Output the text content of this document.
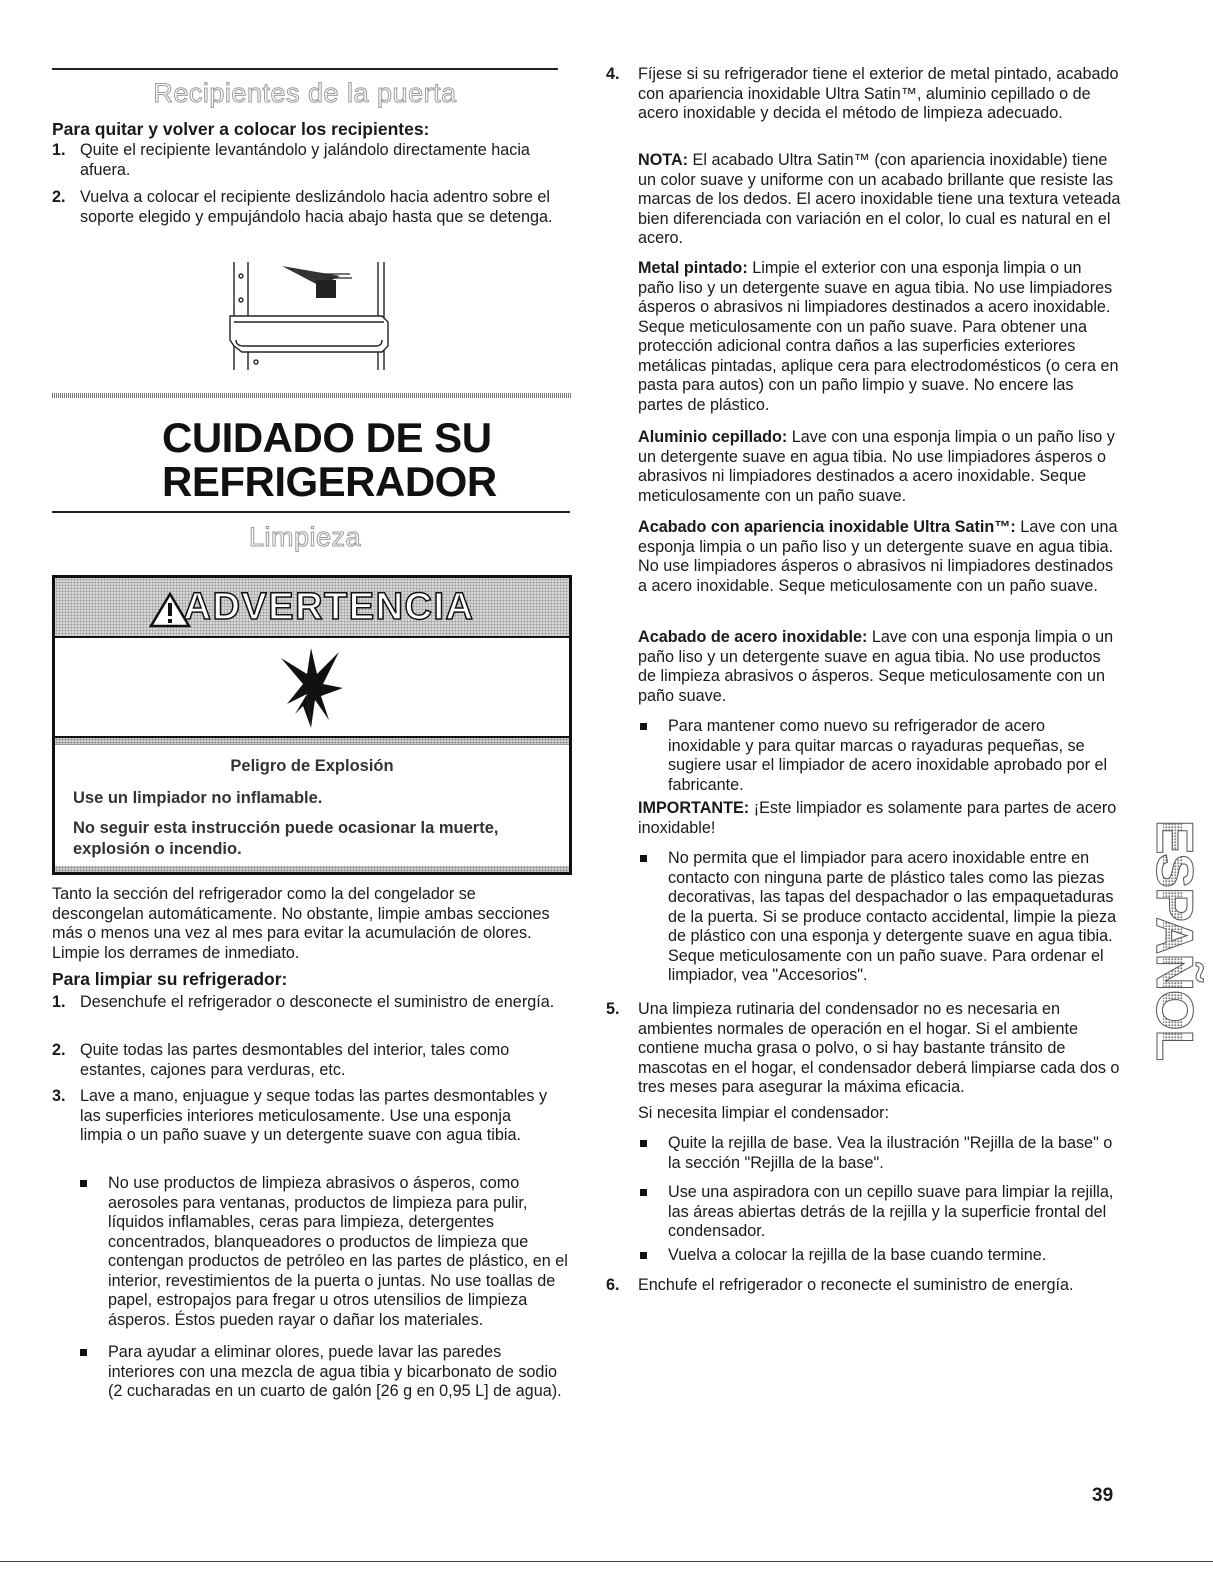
Recipientes de la puerta
Para quitar y volver a colocar los recipientes:
1. Quite el recipiente levantándolo y jalándolo directamente hacia afuera.
2. Vuelva a colocar el recipiente deslizándolo hacia adentro sobre el soporte elegido y empujándolo hacia abajo hasta que se detenga.
CUIDADO DE SU
REFRIGERADOR
Limpieza
ADVERTENCIA
Peligro de Explosión
Use un limpiador no inflamable.
No seguir esta instrucción puede ocasionar la muerte, explosión o incendio.

Tanto la sección del refrigerador como la del congelador se descongelan automáticamente. No obstante, limpie ambas secciones más o menos una vez al mes para evitar la acumulación de olores. Limpie los derrames de inmediato.

Para limpiar su refrigerador:
1. Desenchufe el refrigerador o desconecte el suministro de energía.
2. Quite todas las partes desmontables del interior, tales como estantes, cajones para verduras, etc.
3. Lave a mano, enjuague y seque todas las partes desmontables y las superficies interiores meticulosamente. Use una esponja limpia o un paño suave y un detergente suave con agua tibia.
No use productos de limpieza abrasivos o ásperos, como aerosoles para ventanas, productos de limpieza para pulir, líquidos inflamables, ceras para limpieza, detergentes concentrados, blanqueadores o productos de limpieza que contengan productos de petróleo en las partes de plástico, en el interior, revestimientos de la puerta o juntas. No use toallas de papel, estropajos para fregar u otros utensilios de limpieza ásperos. Éstos pueden rayar o dañar los materiales.
Para ayudar a eliminar olores, puede lavar las paredes interiores con una mezcla de agua tibia y bicarbonato de sodio (2 cucharadas en un cuarto de galón [26 g en 0,95 L] de agua).
4. Fíjese si su refrigerador tiene el exterior de metal pintado, acabado con apariencia inoxidable Ultra Satin™, aluminio cepillado o de acero inoxidable y decida el método de limpieza adecuado.

NOTA: El acabado Ultra Satin™ (con apariencia inoxidable) tiene un color suave y uniforme con un acabado brillante que resiste las marcas de los dedos. El acero inoxidable tiene una textura veteada bien diferenciada con variación en el color, lo cual es natural en el acero.

Metal pintado: Limpie el exterior con una esponja limpia o un paño liso y un detergente suave en agua tibia. No use limpiadores ásperos o abrasivos ni limpiadores destinados a acero inoxidable. Seque meticulosamente con un paño suave. Para obtener una protección adicional contra daños a las superficies exteriores metálicas pintadas, aplique cera para electrodomésticos (o cera en pasta para autos) con un paño limpio y suave. No encere las partes de plástico.

Aluminio cepillado: Lave con una esponja limpia o un paño liso y un detergente suave en agua tibia. No use limpiadores ásperos o abrasivos ni limpiadores destinados a acero inoxidable. Seque meticulosamente con un paño suave.

Acabado con apariencia inoxidable Ultra Satin™: Lave con una esponja limpia o un paño liso y un detergente suave en agua tibia. No use limpiadores ásperos o abrasivos ni limpiadores destinados a acero inoxidable. Seque meticulosamente con un paño suave.

Acabado de acero inoxidable: Lave con una esponja limpia o un paño liso y un detergente suave en agua tibia. No use productos de limpieza abrasivos o ásperos. Seque meticulosamente con un paño suave.

Para mantener como nuevo su refrigerador de acero inoxidable y para quitar marcas o rayaduras pequeñas, se sugiere usar el limpiador de acero inoxidable aprobado por el fabricante.

IMPORTANTE: ¡Este limpiador es solamente para partes de acero inoxidable!

No permita que el limpiador para acero inoxidable entre en contacto con ninguna parte de plástico tales como las piezas decorativas, las tapas del despachador o las empaquetaduras de la puerta. Si se produce contacto accidental, limpie la pieza de plástico con una esponja y detergente suave en agua tibia. Seque meticulosamente con un paño suave. Para ordenar el limpiador, vea "Accesorios".
5. Una limpieza rutinaria del condensador no es necesaria en ambientes normales de operación en el hogar. Si el ambiente contiene mucha grasa o polvo, o si hay bastante tránsito de mascotas en el hogar, el condensador deberá limpiarse cada dos o tres meses para asegurar la máxima eficacia.

Si necesita limpiar el condensador:

Quite la rejilla de base. Vea la ilustración "Rejilla de la base" o la sección "Rejilla de la base".
Use una aspiradora con un cepillo suave para limpiar la rejilla, las áreas abiertas detrás de la rejilla y la superficie frontal del condensador.
Vuelva a colocar la rejilla de la base cuando termine.
6. Enchufe el refrigerador o reconecte el suministro de energía.
ESPAÑOL
39
